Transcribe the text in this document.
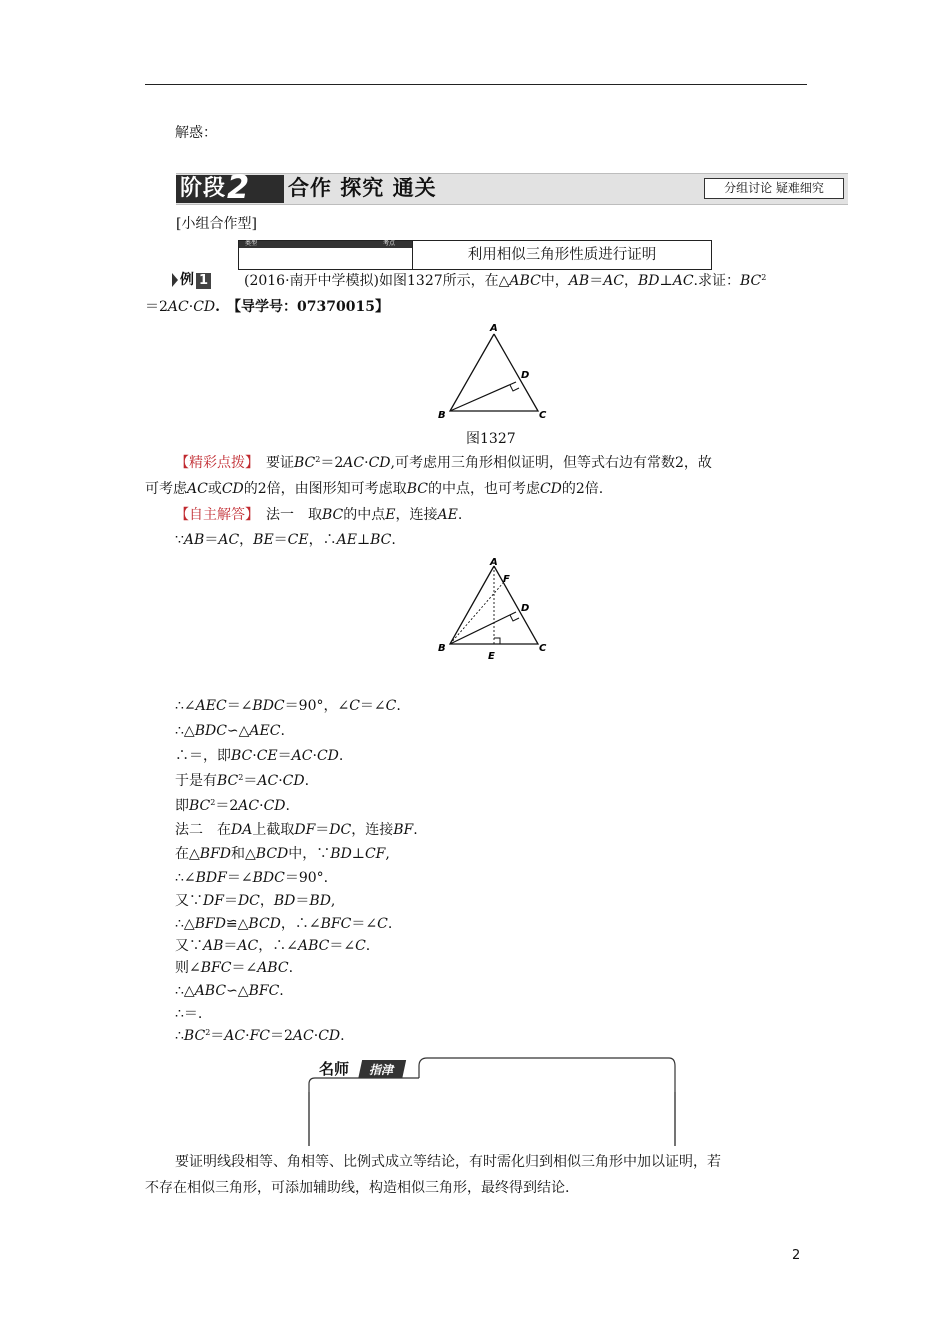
解惑：
阶段 2	合作 探究 通关	分组讨论 疑难细究
[小组合作型]
类型	考点
利用相似三角形性质进行证明
例 1	(2016·南开中学模拟)如图1327所示，在△ABC中，AB＝AC，BD⊥AC.求证：$BC^2$
＝2AC·CD.　【导学号：07370015】
A
B	C
D
图1327
【精彩点拨】　 要证$BC^2=2AC\cdot CD$,可考虑用三角形相似证明，但等式右边有常数2，故
可考虑AC或CD的2倍，由图形知可考虑取BC的中点，也可考虑CD的2倍.
【自主解答】　 法一　取BC的中点E，连接AE.
∵AB＝AC，BE＝CE，∴AE⊥BC.
A
B	C
D
E
F
∴∠AEC＝∠BDC＝90°，∠C＝∠C.
∴△BDC∽△AEC.
∴＝，即BC·CE＝AC·CD.
于是有$BC^2=AC\cdot CD$.
即$BC^2=2AC\cdot CD$.
法二　在DA上截取DF＝DC，连接BF.
在△BFD和△BCD中，∵BD⊥CF,
∴∠BDF＝∠BDC＝90°.
又∵DF＝DC，BD＝BD,
∴△BFD≌△BCD，∴∠BFC＝∠C.
又∵AB＝AC，∴∠ABC＝∠C.
则∠BFC＝∠ABC.
∴△ABC∽△BFC.
∴＝.
$\therefore BC^2=AC\cdot FC=2AC\cdot CD$.
名师 指津
要证明线段相等、角相等、比例式成立等结论，有时需化归到相似三角形中加以证明，若
不存在相似三角形，可添加辅助线，构造相似三角形，最终得到结论.
2
